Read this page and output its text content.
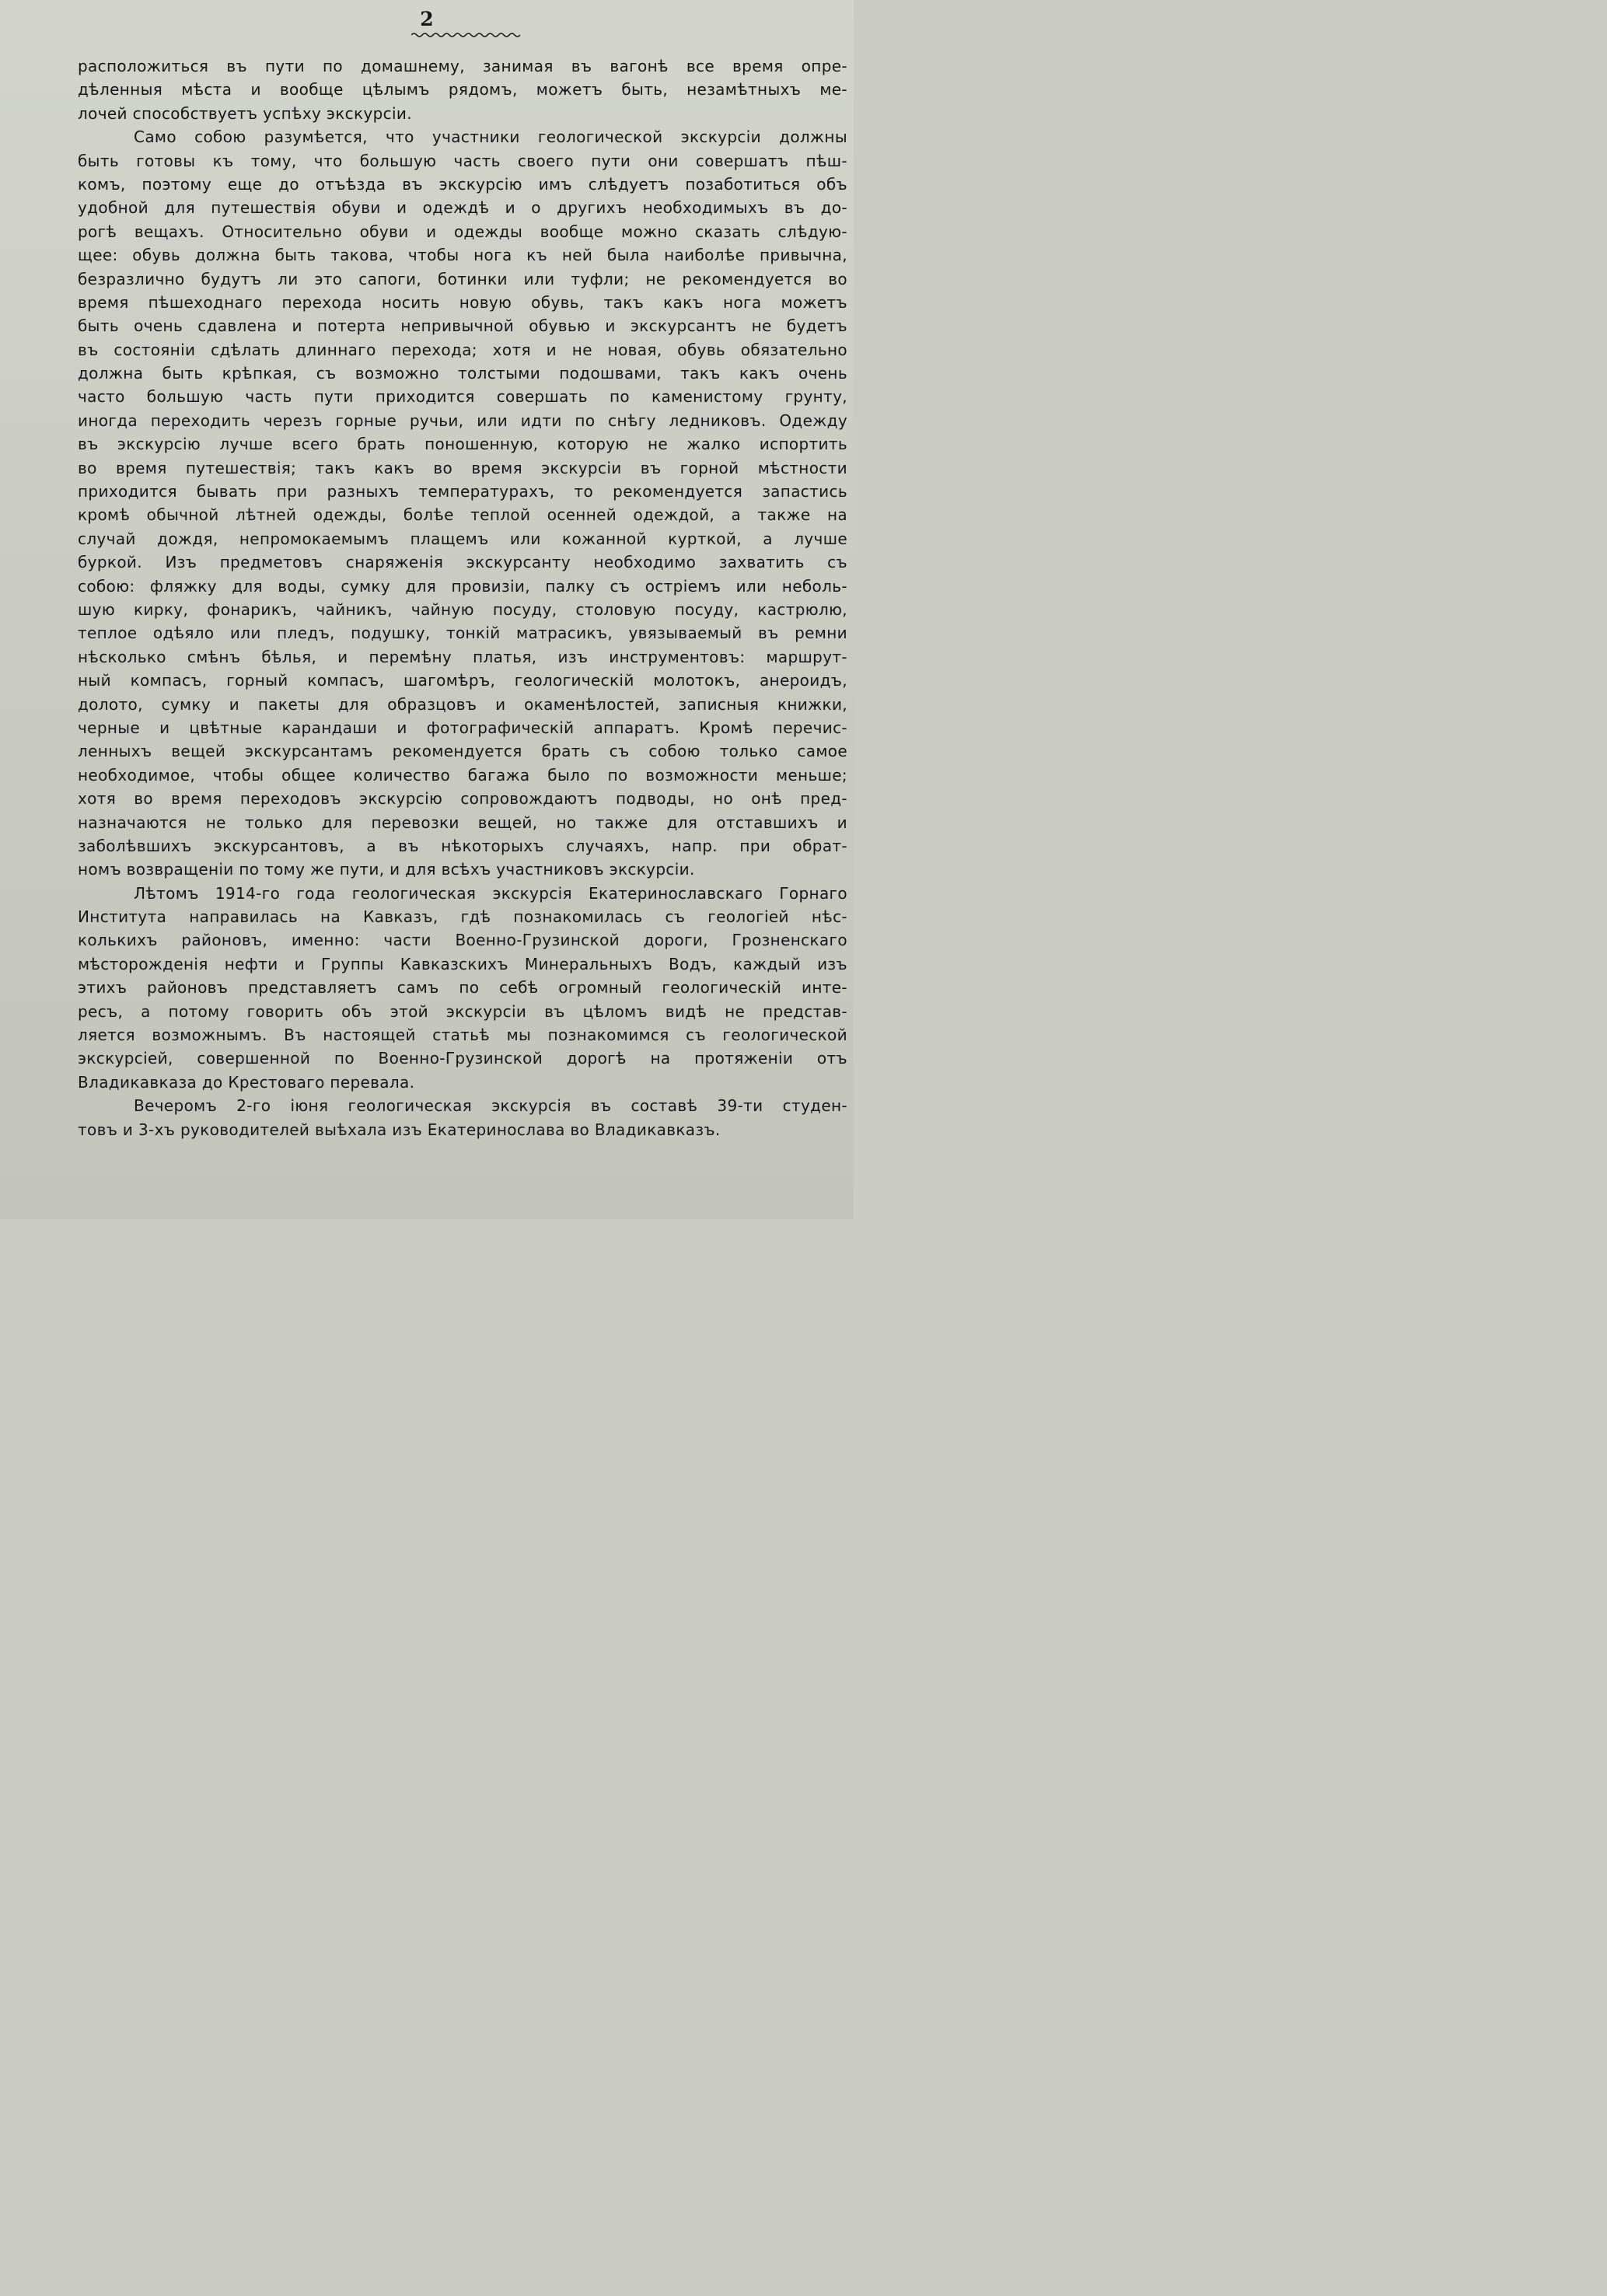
2
расположиться въ пути по домашнему, занимая въ вагонѣ все время опре-
дѣленныя мѣста и вообще цѣлымъ рядомъ, можетъ быть, незамѣтныхъ ме-
лочей способствуетъ успѣху экскурсіи.
Само собою разумѣется, что участники геологической экскурсіи должны
быть готовы къ тому, что большую часть своего пути они совершатъ пѣш-
комъ, поэтому еще до отъѣзда въ экскурсію имъ слѣдуетъ позаботиться объ
удобной для путешествія обуви и одеждѣ и о другихъ необходимыхъ въ до-
рогѣ вещахъ. Относительно обуви и одежды вообще можно сказать слѣдую-
щее: обувь должна быть такова, чтобы нога къ ней была наиболѣе привычна,
безразлично будутъ ли это сапоги, ботинки или туфли; не рекомендуется во
время пѣшеходнаго перехода носить новую обувь, такъ какъ нога можетъ
быть очень сдавлена и потерта непривычной обувью и экскурсантъ не будетъ
въ состояніи сдѣлать длиннаго перехода; хотя и не новая, обувь обязательно
должна быть крѣпкая, съ возможно толстыми подошвами, такъ какъ очень
часто большую часть пути приходится совершать по каменистому грунту,
иногда переходить черезъ горные ручьи, или идти по снѣгу ледниковъ. Одежду
въ экскурсію лучше всего брать поношенную, которую не жалко испортить
во время путешествія; такъ какъ во время экскурсіи въ горной мѣстности
приходится бывать при разныхъ температурахъ, то рекомендуется запастись
кромѣ обычной лѣтней одежды, болѣе теплой осенней одеждой, а также на
случай дождя, непромокаемымъ плащемъ или кожанной курткой, а лучше
буркой. Изъ предметовъ снаряженія экскурсанту необходимо захватить съ
собою: фляжку для воды, сумку для провизіи, палку съ остріемъ или неболь-
шую кирку, фонарикъ, чайникъ, чайную посуду, столовую посуду, кастрюлю,
теплое одѣяло или пледъ, подушку, тонкій матрасикъ, увязываемый въ ремни
нѣсколько смѣнъ бѣлья, и перемѣну платья, изъ инструментовъ: маршрут-
ный компасъ, горный компасъ, шагомѣръ, геологическій молотокъ, анероидъ,
долото, сумку и пакеты для образцовъ и окаменѣлостей, записныя книжки,
черные и цвѣтные карандаши и фотографическій аппаратъ. Кромѣ перечис-
ленныхъ вещей экскурсантамъ рекомендуется брать съ собою только самое
необходимое, чтобы общее количество багажа было по возможности меньше;
хотя во время переходовъ экскурсію сопровождаютъ подводы, но онѣ пред-
назначаются не только для перевозки вещей, но также для отставшихъ и
заболѣвшихъ экскурсантовъ, а въ нѣкоторыхъ случаяхъ, напр. при обрат-
номъ возвращеніи по тому же пути, и для всѣхъ участниковъ экскурсіи.
Лѣтомъ 1914-го года геологическая экскурсія Екатеринославскаго Горнаго
Института направилась на Кавказъ, гдѣ познакомилась съ геологіей нѣс-
колькихъ районовъ, именно: части Военно-Грузинской дороги, Грозненскаго
мѣсторожденія нефти и Группы Кавказскихъ Минеральныхъ Водъ, каждый изъ
этихъ районовъ представляетъ самъ по себѣ огромный геологическій инте-
ресъ, а потому говорить объ этой экскурсіи въ цѣломъ видѣ не представ-
ляется возможнымъ. Въ настоящей статьѣ мы познакомимся съ геологической
экскурсіей, совершенной по Военно-Грузинской дорогѣ на протяженіи отъ
Владикавказа до Крестоваго перевала.
Вечеромъ 2-го іюня геологическая экскурсія въ составѣ 39-ти студен-
товъ и 3-хъ руководителей выѣхала изъ Екатеринослава во Владикавказъ.
